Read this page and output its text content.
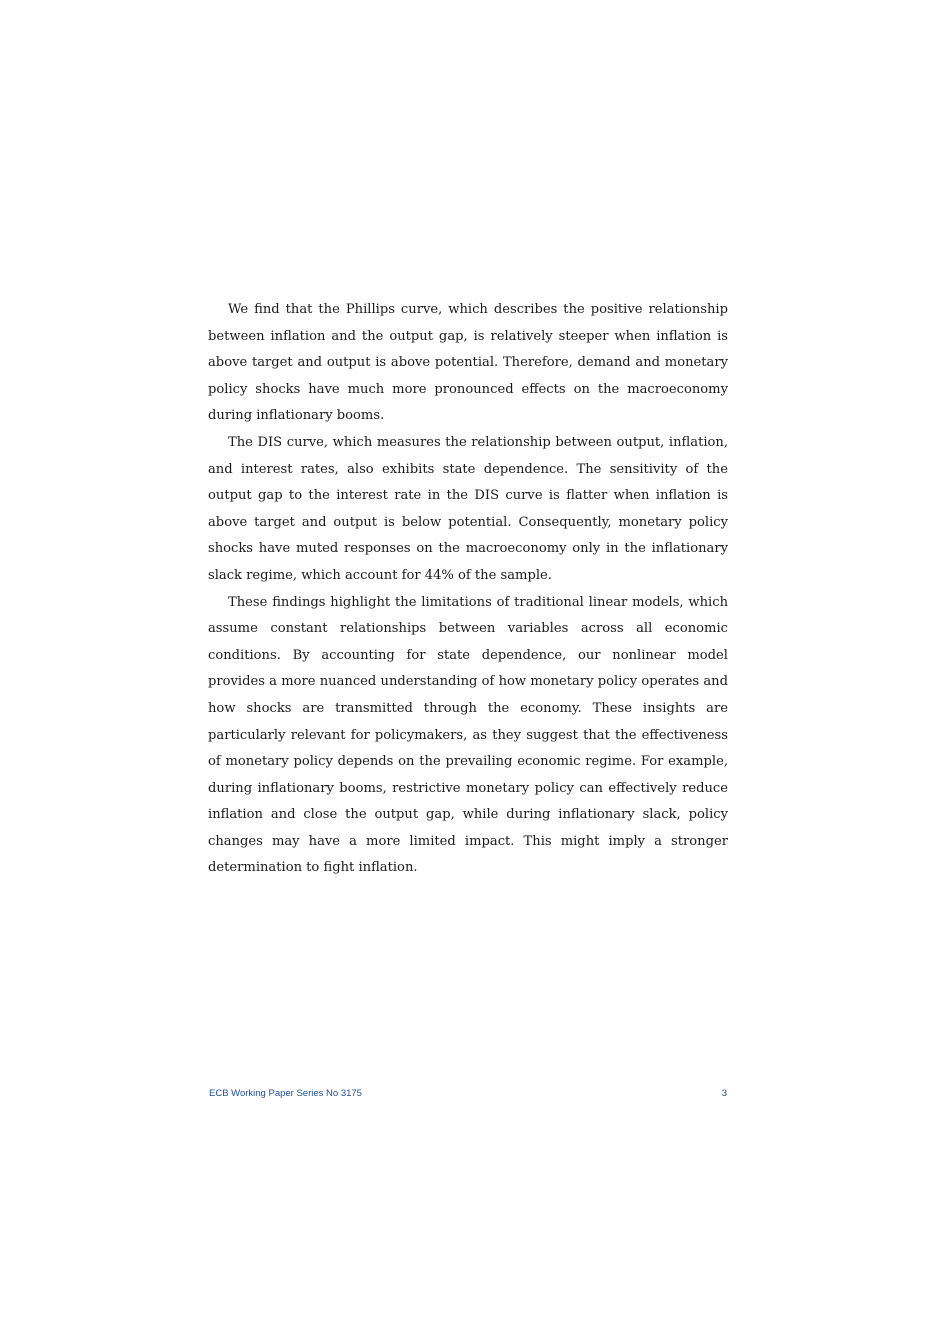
We find that the Phillips curve, which describes the positive relationship between inflation and the output gap, is relatively steeper when inflation is above target and output is above potential. Therefore, demand and monetary policy shocks have much more pronounced effects on the macroeconomy during inflationary booms.

The DIS curve, which measures the relationship between output, inflation, and interest rates, also exhibits state dependence. The sensitivity of the output gap to the interest rate in the DIS curve is flatter when inflation is above target and output is below potential. Consequently, monetary policy shocks have muted responses on the macroeconomy only in the inflationary slack regime, which account for 44% of the sample.

These findings highlight the limitations of traditional linear models, which assume constant relationships between variables across all economic conditions. By accounting for state dependence, our nonlinear model provides a more nuanced understanding of how monetary policy operates and how shocks are transmitted through the economy. These insights are particularly relevant for policymakers, as they suggest that the effectiveness of monetary policy depends on the prevailing economic regime. For example, during inflationary booms, restrictive monetary policy can effectively reduce inflation and close the output gap, while during inflationary slack, policy changes may have a more limited impact. This might imply a stronger determination to fight inflation.

ECB Working Paper Series No 3175	3
